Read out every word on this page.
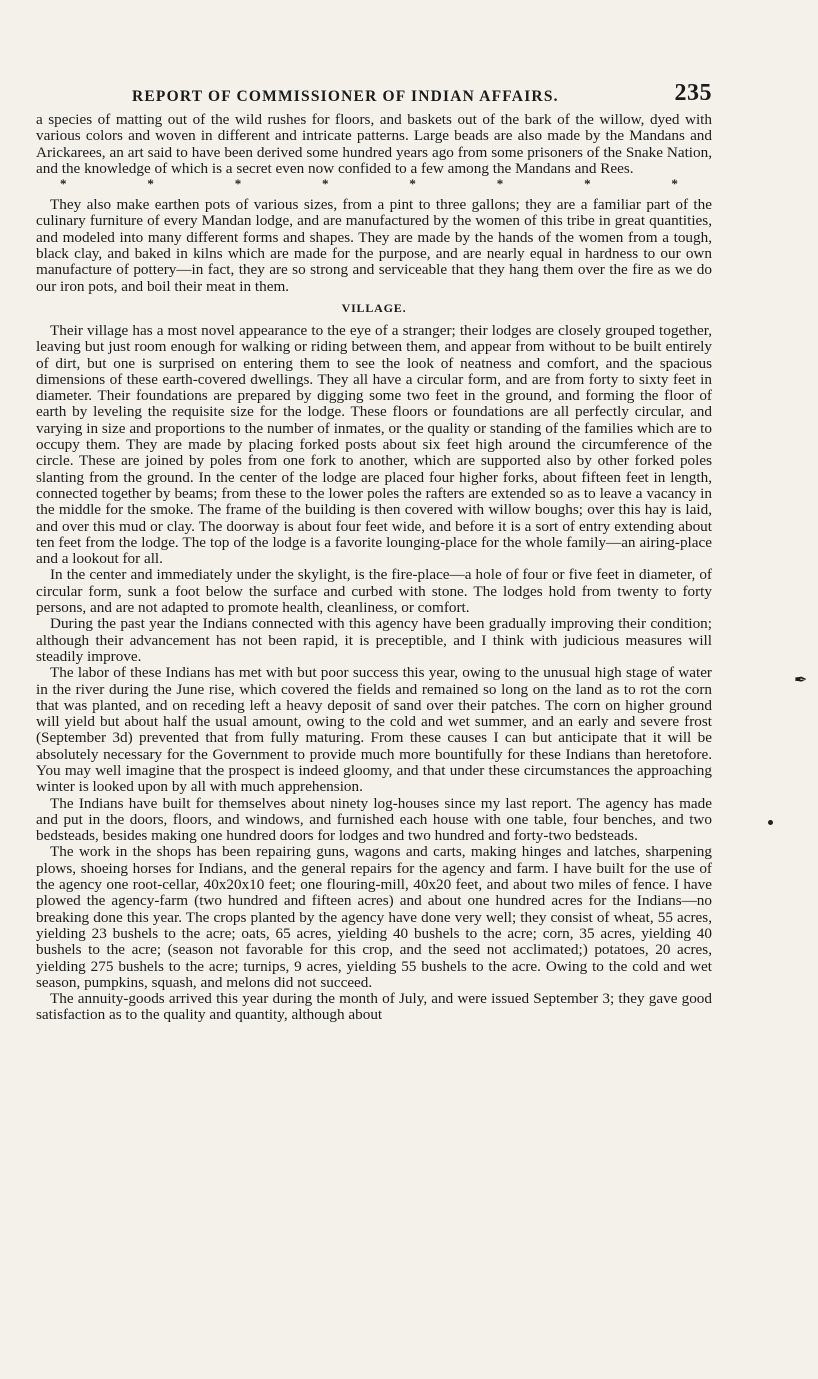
✒
REPORT OF COMMISSIONER OF INDIAN AFFAIRS.	235

a species of matting out of the wild rushes for floors, and baskets out of the bark of the willow, dyed with various colors and woven in different and intricate patterns. Large beads are also made by the Mandans and Arickarees, an art said to have been derived some hundred years ago from some prisoners of the Snake Nation, and the knowledge of which is a secret even now confided to a few among the Mandans and Rees.

*	*	*	*	*	*	*	*

They also make earthen pots of various sizes, from a pint to three gallons; they are a familiar part of the culinary furniture of every Mandan lodge, and are manufactured by the women of this tribe in great quantities, and modeled into many different forms and shapes. They are made by the hands of the women from a tough, black clay, and baked in kilns which are made for the purpose, and are nearly equal in hardness to our own manufacture of pottery—in fact, they are so strong and serviceable that they hang them over the fire as we do our iron pots, and boil their meat in them.

VILLAGE.

Their village has a most novel appearance to the eye of a stranger; their lodges are closely grouped together, leaving but just room enough for walking or riding between them, and appear from without to be built entirely of dirt, but one is surprised on entering them to see the look of neatness and comfort, and the spacious dimensions of these earth-covered dwellings. They all have a circular form, and are from forty to sixty feet in diameter. Their foundations are prepared by digging some two feet in the ground, and forming the floor of earth by leveling the requisite size for the lodge. These floors or foundations are all perfectly circular, and varying in size and proportions to the number of inmates, or the quality or standing of the families which are to occupy them. They are made by placing forked posts about six feet high around the circumference of the circle. These are joined by poles from one fork to another, which are supported also by other forked poles slanting from the ground. In the center of the lodge are placed four higher forks, about fifteen feet in length, connected together by beams; from these to the lower poles the rafters are extended so as to leave a vacancy in the middle for the smoke. The frame of the building is then covered with willow boughs; over this hay is laid, and over this mud or clay. The doorway is about four feet wide, and before it is a sort of entry extending about ten feet from the lodge. The top of the lodge is a favorite lounging-place for the whole family—an airing-place and a lookout for all.

In the center and immediately under the skylight, is the fire-place—a hole of four or five feet in diameter, of circular form, sunk a foot below the surface and curbed with stone. The lodges hold from twenty to forty persons, and are not adapted to promote health, cleanliness, or comfort.

During the past year the Indians connected with this agency have been gradually improving their condition; although their advancement has not been rapid, it is preceptible, and I think with judicious measures will steadily improve.

The labor of these Indians has met with but poor success this year, owing to the unusual high stage of water in the river during the June rise, which covered the fields and remained so long on the land as to rot the corn that was planted, and on receding left a heavy deposit of sand over their patches. The corn on higher ground will yield but about half the usual amount, owing to the cold and wet summer, and an early and severe frost (September 3d) prevented that from fully maturing. From these causes I can but anticipate that it will be absolutely necessary for the Government to provide much more bountifully for these Indians than heretofore. You may well imagine that the prospect is indeed gloomy, and that under these circumstances the approaching winter is looked upon by all with much apprehension.

The Indians have built for themselves about ninety log-houses since my last report. The agency has made and put in the doors, floors, and windows, and furnished each house with one table, four benches, and two bedsteads, besides making one hundred doors for lodges and two hundred and forty-two bedsteads.

The work in the shops has been repairing guns, wagons and carts, making hinges and latches, sharpening plows, shoeing horses for Indians, and the general repairs for the agency and farm. I have built for the use of the agency one root-cellar, 40x20x10 feet; one flouring-mill, 40x20 feet, and about two miles of fence. I have plowed the agency-farm (two hundred and fifteen acres) and about one hundred acres for the Indians—no breaking done this year. The crops planted by the agency have done very well; they consist of wheat, 55 acres, yielding 23 bushels to the acre; oats, 65 acres, yielding 40 bushels to the acre; corn, 35 acres, yielding 40 bushels to the acre; (season not favorable for this crop, and the seed not acclimated;) potatoes, 20 acres, yielding 275 bushels to the acre; turnips, 9 acres, yielding 55 bushels to the acre. Owing to the cold and wet season, pumpkins, squash, and melons did not succeed.

The annuity-goods arrived this year during the month of July, and were issued September 3; they gave good satisfaction as to the quality and quantity, although about
